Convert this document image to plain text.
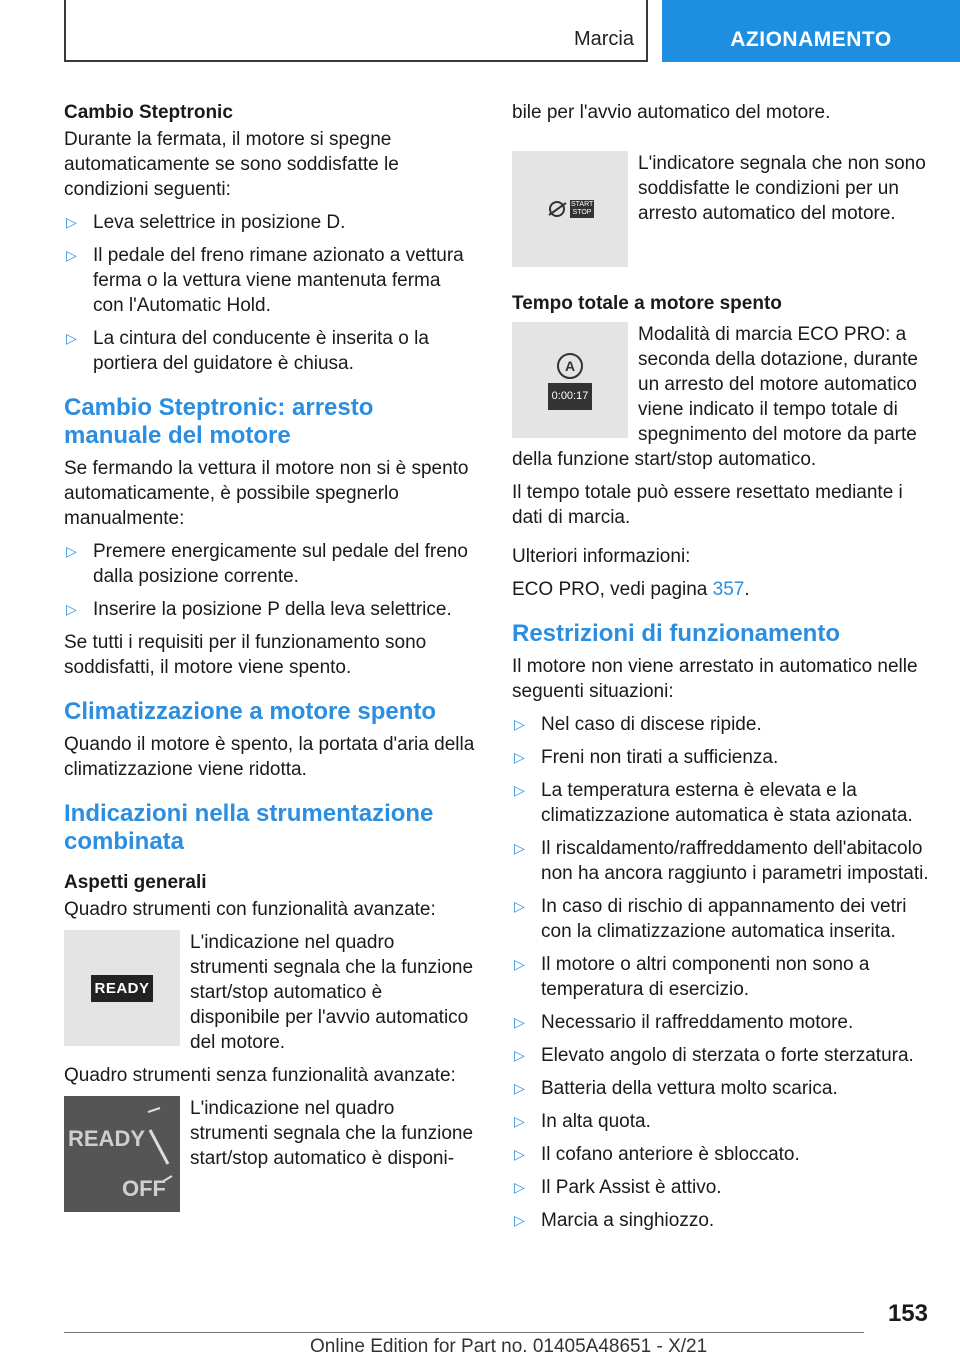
Marcia	AZIONAMENTO
Cambio Steptronic

Durante la fermata, il motore si spegne automaticamente se sono soddisfatte le condizioni seguenti:

▷ Leva selettrice in posizione D.
▷ Il pedale del freno rimane azionato a vettura ferma o la vettura viene mantenuta ferma con l'Automatic Hold.
▷ La cintura del conducente è inserita o la portiera del guidatore è chiusa.
Cambio Steptronic: arresto manuale del motore

Se fermando la vettura il motore non si è spento automaticamente, è possibile spegnerlo manualmente:

▷ Premere energicamente sul pedale del freno dalla posizione corrente.
▷ Inserire la posizione P della leva selettrice.

Se tutti i requisiti per il funzionamento sono soddisfatti, il motore viene spento.

Climatizzazione a motore spento

Quando il motore è spento, la portata d'aria della climatizzazione viene ridotta.

Indicazioni nella strumentazione combinata
Aspetti generali

Quadro strumenti con funzionalità avanzate:

READY
L'indicazione nel quadro strumenti segnala che la funzione start/stop automatico è disponibile per l'avvio automatico del motore.

Quadro strumenti senza funzionalità avanzate:

READY
OFF
L'indicazione nel quadro strumenti segnala che la funzione start/stop automatico è disponi-

bile per l'avvio automatico del motore.

START STOP
L'indicatore segnala che non sono soddisfatte le condizioni per un arresto automatico del motore.
Tempo totale a motore spento
A
0:00:17

Modalità di marcia ECO PRO: a seconda della dotazione, durante un arresto del motore automatico viene indicato il tempo totale di spegnimento del motore da parte della funzione start/stop automatico.

Il tempo totale può essere resettato mediante i dati di marcia.

Ulteriori informazioni:

ECO PRO, vedi pagina 357.

Restrizioni di funzionamento

Il motore non viene arrestato in automatico nelle seguenti situazioni:

▷ Nel caso di discese ripide.
▷ Freni non tirati a sufficienza.
▷ La temperatura esterna è elevata e la climatizzazione automatica è stata azionata.
▷ Il riscaldamento/raffreddamento dell'abitacolo non ha ancora raggiunto i parametri impostati.
▷ In caso di rischio di appannamento dei vetri con la climatizzazione automatica inserita.
▷ Il motore o altri componenti non sono a temperatura di esercizio.
▷ Necessario il raffreddamento motore.
▷ Elevato angolo di sterzata o forte sterzatura.
▷ Batteria della vettura molto scarica.
▷ In alta quota.
▷ Il cofano anteriore è sbloccato.
▷ Il Park Assist è attivo.
▷ Marcia a singhiozzo.
153
Online Edition for Part no. 01405A48651 - X/21
